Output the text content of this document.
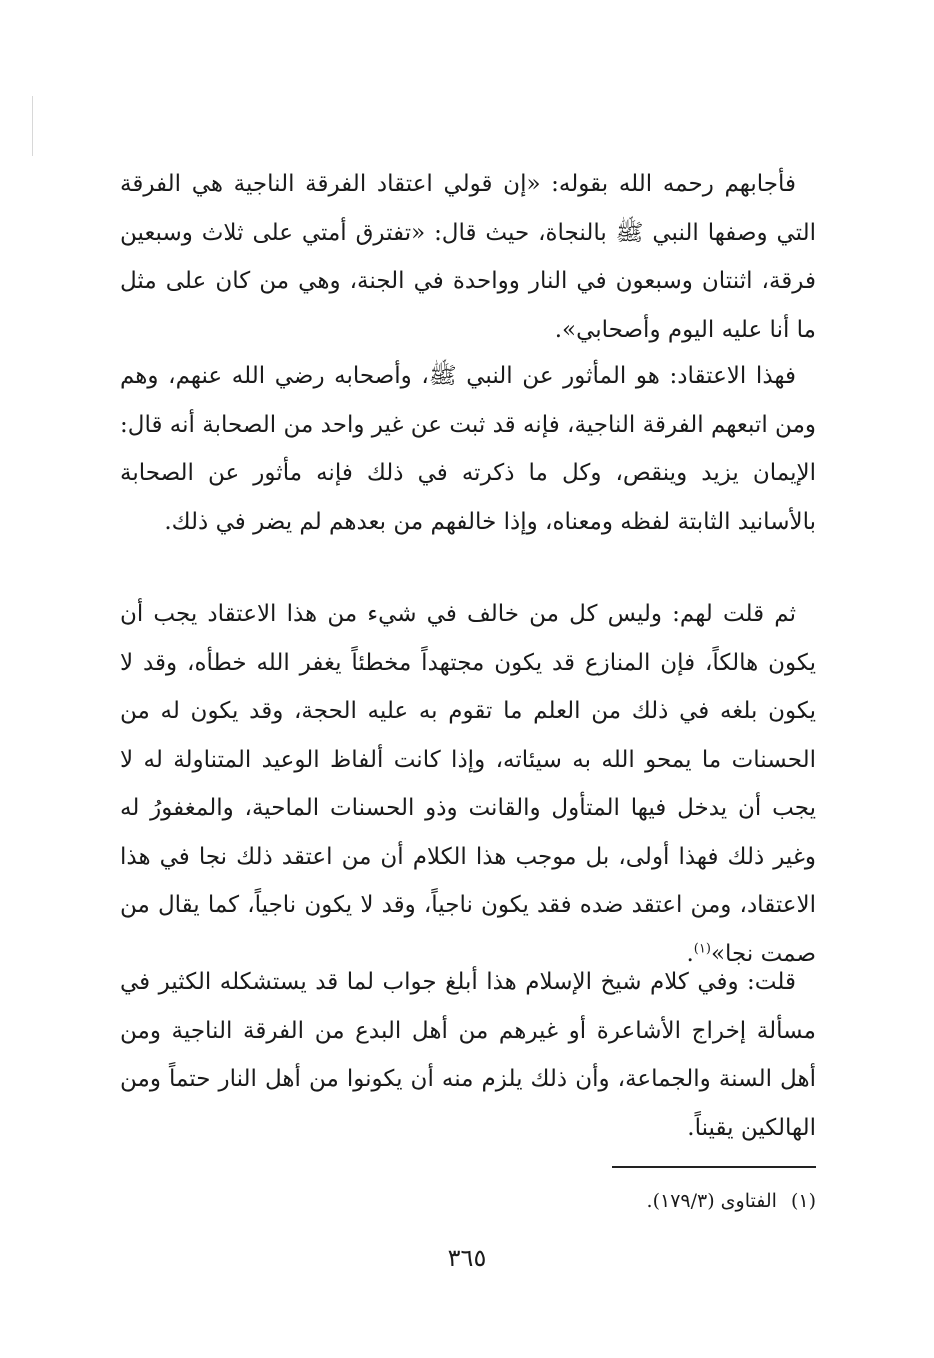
فأجابهم رحمه الله بقوله: «إن قولي اعتقاد الفرقة الناجية هي الفرقة التي وصفها النبي ﷺ بالنجاة، حيث قال: «تفترق أمتي على ثلاث وسبعين فرقة، اثنتان وسبعون في النار وواحدة في الجنة، وهي من كان على مثل ما أنا عليه اليوم وأصحابي».

فهذا الاعتقاد: هو المأثور عن النبي ﷺ، وأصحابه رضي الله عنهم، وهم ومن اتبعهم الفرقة الناجية، فإنه قد ثبت عن غير واحد من الصحابة أنه قال: الإيمان يزيد وينقص، وكل ما ذكرته في ذلك فإنه مأثور عن الصحابة بالأسانيد الثابتة لفظه ومعناه، وإذا خالفهم من بعدهم لم يضر في ذلك.

ثم قلت لهم: وليس كل من خالف في شيء من هذا الاعتقاد يجب أن يكون هالكاً، فإن المنازع قد يكون مجتهداً مخطئاً يغفر الله خطأه، وقد لا يكون بلغه في ذلك من العلم ما تقوم به عليه الحجة، وقد يكون له من الحسنات ما يمحو الله به سيئاته، وإذا كانت ألفاظ الوعيد المتناولة له لا يجب أن يدخل فيها المتأول والقانت وذو الحسنات الماحية، والمغفورُ له وغير ذلك فهذا أولى، بل موجب هذا الكلام أن من اعتقد ذلك نجا في هذا الاعتقاد، ومن اعتقد ضده فقد يكون ناجياً، وقد لا يكون ناجياً، كما يقال من صمت نجا»$^{(١)}$.

قلت: وفي كلام شيخ الإسلام هذا أبلغ جواب لما قد يستشكله الكثير في مسألة إخراج الأشاعرة أو غيرهم من أهل البدع من الفرقة الناجية ومن أهل السنة والجماعة، وأن ذلك يلزم منه أن يكونوا من أهل النار حتماً ومن الهالكين يقيناً.

(١)الفتاوى (١٧٩/٣).
٣٦٥
